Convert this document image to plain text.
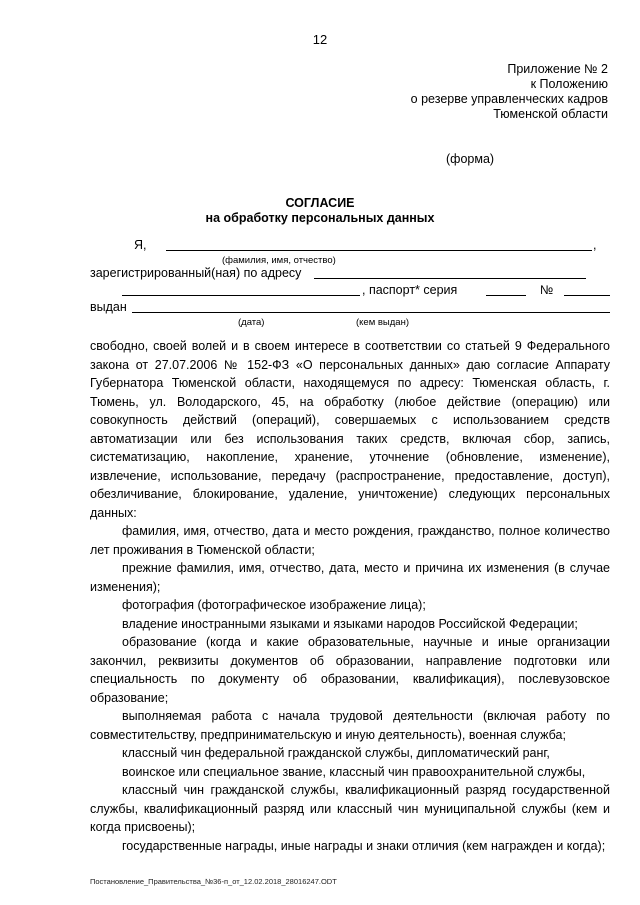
12
Приложение № 2
к Положению
о резерве управленческих кадров
Тюменской области
(форма)
СОГЛАСИЕ
на обработку персональных данных
Я,	,
(фамилия, имя, отчество)
зарегистрированный(ная) по адресу
, паспорт* серия	№
выдан
(дата)	(кем выдан)

свободно, своей волей и в своем интересе в соответствии со статьей 9 Федерального закона от 27.07.2006 № 152-ФЗ «О персональных данных» даю согласие Аппарату Губернатора Тюменской области, находящемуся по адресу: Тюменская область, г. Тюмень, ул. Володарского, 45, на обработку (любое действие (операцию) или совокупность действий (операций), совершаемых с использованием средств автоматизации или без использования таких средств, включая сбор, запись, систематизацию, накопление, хранение, уточнение (обновление, изменение), извлечение, использование, передачу (распространение, предоставление, доступ), обезличивание, блокирование, удаление, уничтожение) следующих персональных данных:

фамилия, имя, отчество, дата и место рождения, гражданство, полное количество лет проживания в Тюменской области;

прежние фамилия, имя, отчество, дата, место и причина их изменения (в случае изменения);

фотография (фотографическое изображение лица);

владение иностранными языками и языками народов Российской Федерации;

образование (когда и какие образовательные, научные и иные организации закончил, реквизиты документов об образовании, направление подготовки или специальность по документу об образовании, квалификация), послевузовское образование;

выполняемая работа с начала трудовой деятельности (включая работу по совместительству, предпринимательскую и иную деятельность), военная служба;

классный чин федеральной гражданской службы, дипломатический ранг,

воинское или специальное звание, классный чин правоохранительной службы,

классный чин гражданской службы, квалификационный разряд государственной службы, квалификационный разряд или классный чин муниципальной службы (кем и когда присвоены);

государственные награды, иные награды и знаки отличия (кем награжден и когда);

Постановление_Правительства_№36-п_от_12.02.2018_28016247.ODT
